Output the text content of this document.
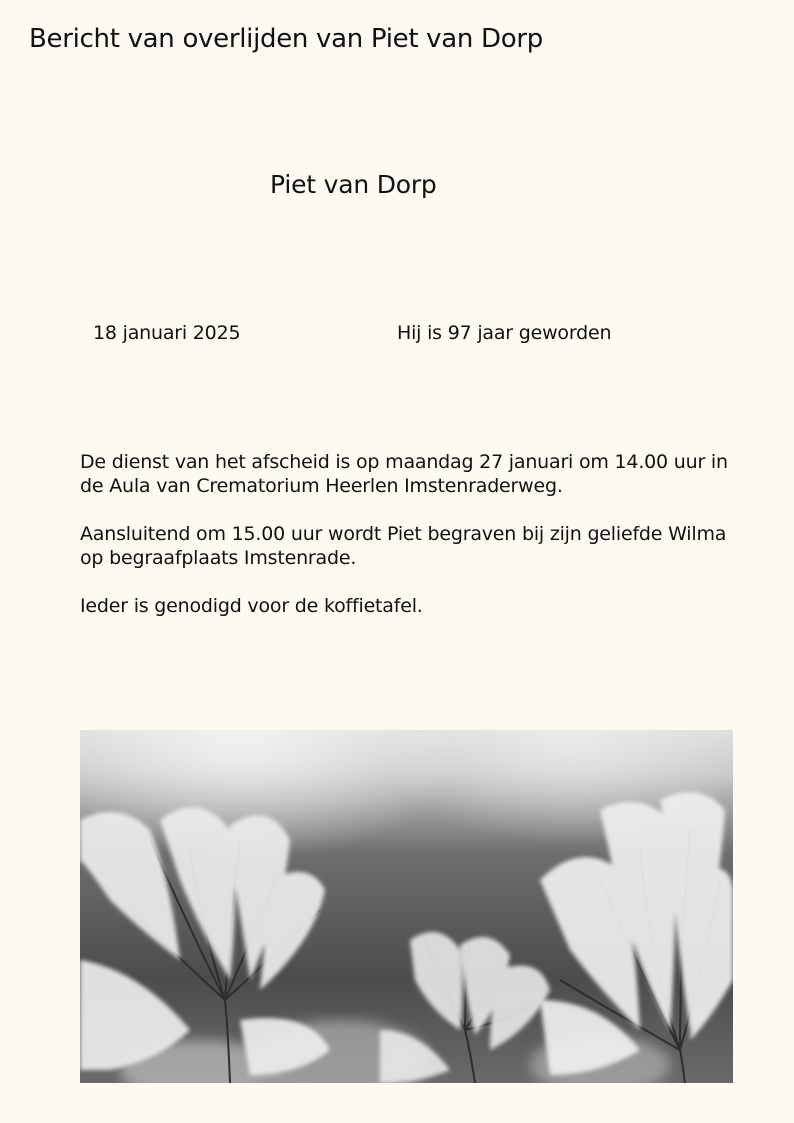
Bericht van overlijden van Piet van Dorp
Piet van Dorp
18 januari 2025	Hij is 97 jaar geworden

De dienst van het afscheid is op maandag 27 januari om 14.00 uur in de Aula van Crematorium Heerlen Imstenraderweg.

Aansluitend om 15.00 uur wordt Piet begraven bij zijn geliefde Wilma op begraafplaats Imstenrade.

Ieder is genodigd voor de koffietafel.
